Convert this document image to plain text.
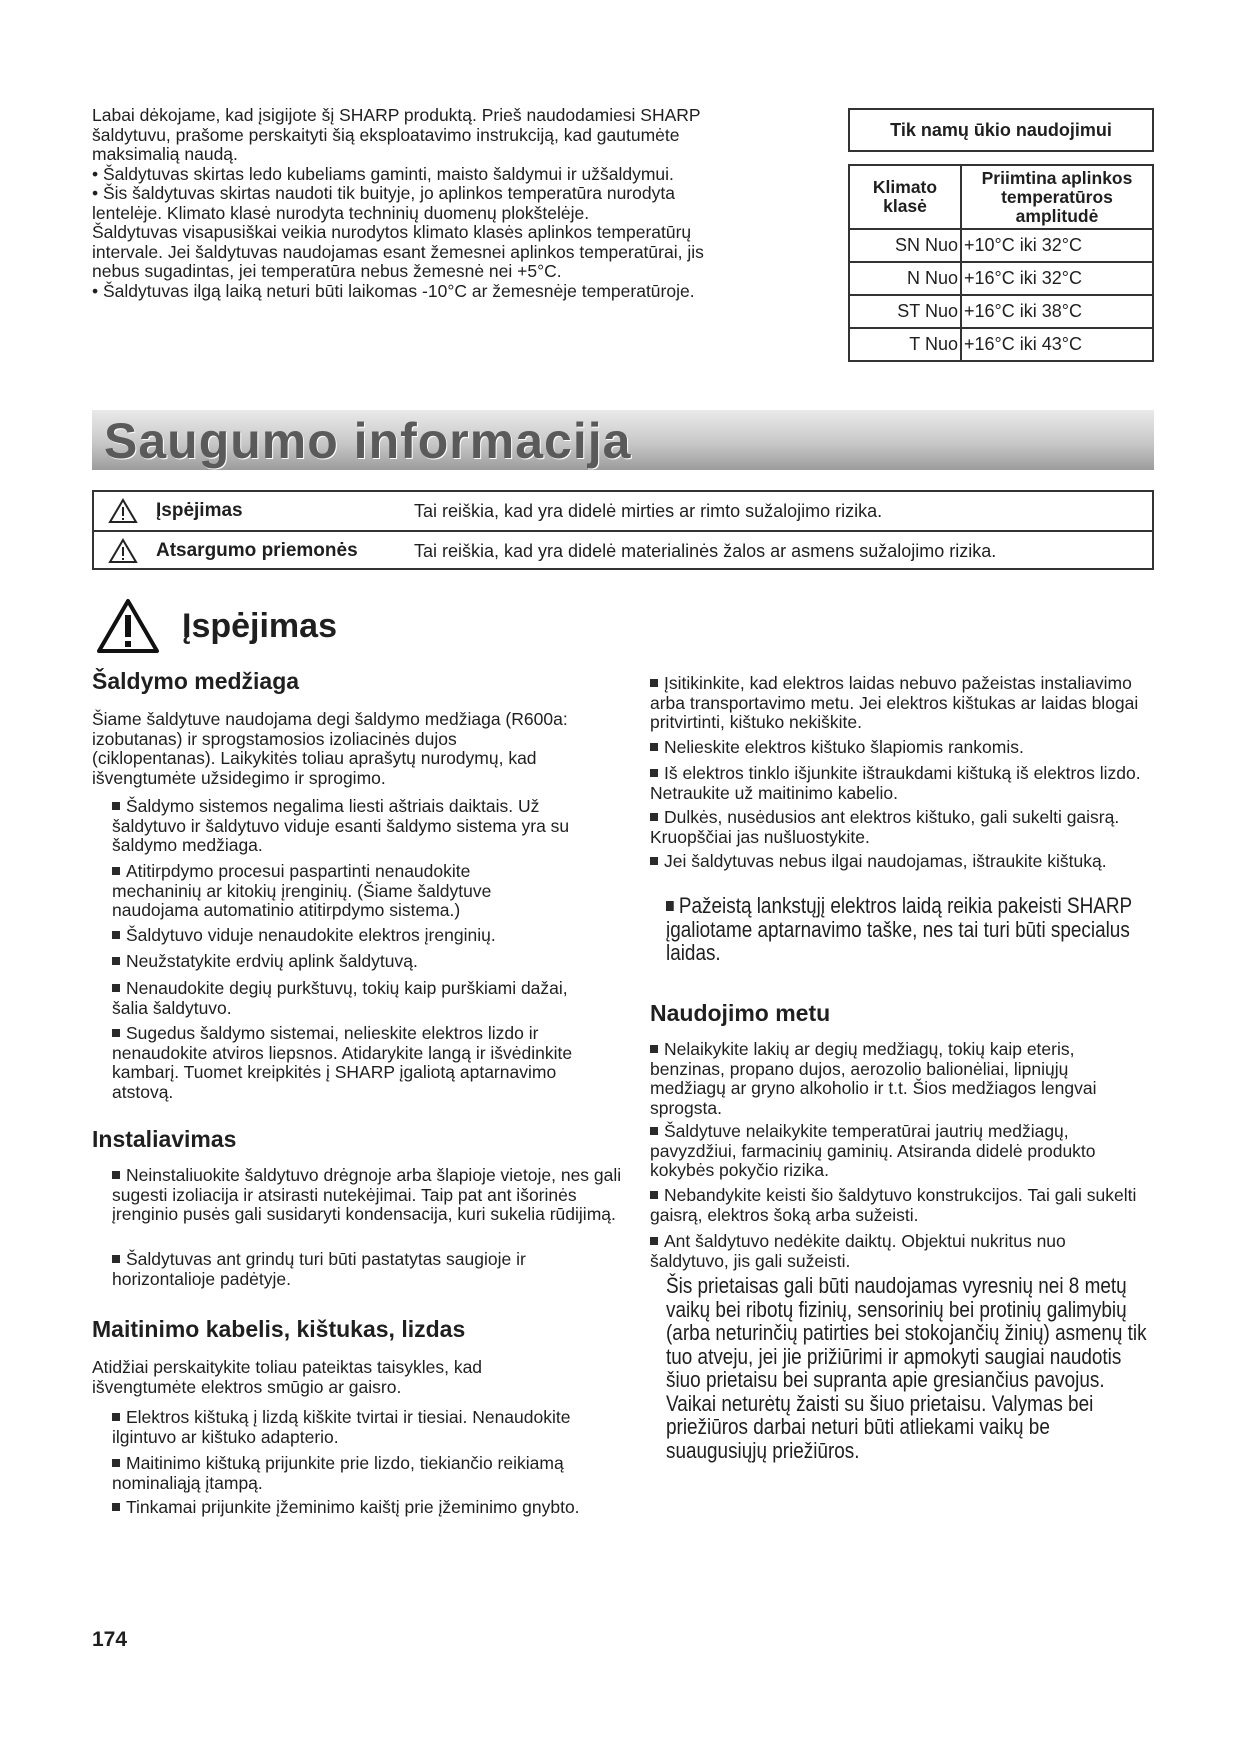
Labai dėkojame, kad įsigijote šį SHARP produktą. Prieš naudodamiesi SHARP
šaldytuvu, prašome perskaityti šią eksploatavimo instrukciją, kad gautumėte
maksimalią naudą.
• Šaldytuvas skirtas ledo kubeliams gaminti, maisto šaldymui ir užšaldymui.
• Šis šaldytuvas skirtas naudoti tik buityje, jo aplinkos temperatūra nurodyta
lentelėje. Klimato klasė nurodyta techninių duomenų plokštelėje.
Šaldytuvas visapusiškai veikia nurodytos klimato klasės aplinkos temperatūrų
intervale. Jei šaldytuvas naudojamas esant žemesnei aplinkos temperatūrai, jis
nebus sugadintas, jei temperatūra nebus žemesnė nei +5°C.
• Šaldytuvas ilgą laiką neturi būti laikomas -10°C ar žemesnėje temperatūroje.
Tik namų ūkio naudojimui
Klimato klasė	Priimtina aplinkos temperatūros amplitudė
SN Nuo	+10°C iki 32°C
N Nuo	+16°C iki 32°C
ST Nuo	+16°C iki 38°C
T Nuo	+16°C iki 43°C
Saugumo informacija
Įspėjimas	Tai reiškia, kad yra didelė mirties ar rimto sužalojimo rizika.
Atsargumo priemonės	Tai reiškia, kad yra didelė materialinės žalos ar asmens sužalojimo rizika.
Įspėjimas
Šaldymo medžiaga

Šiame šaldytuve naudojama degi šaldymo medžiaga (R600a: izobutanas) ir sprogstamosios izoliacinės dujos (ciklopentanas). Laikykitės toliau aprašytų nurodymų, kad išvengtumėte užsidegimo ir sprogimo.

Šaldymo sistemos negalima liesti aštriais daiktais. Už šaldytuvo ir šaldytuvo viduje esanti šaldymo sistema yra su šaldymo medžiaga.
Atitirpdymo procesui paspartinti nenaudokite mechaninių ar kitokių įrenginių. (Šiame šaldytuve naudojama automatinio atitirpdymo sistema.)
Šaldytuvo viduje nenaudokite elektros įrenginių.
Neužstatykite erdvių aplink šaldytuvą.
Nenaudokite degių purkštuvų, tokių kaip purškiami dažai, šalia šaldytuvo.
Sugedus šaldymo sistemai, nelieskite elektros lizdo ir nenaudokite atviros liepsnos. Atidarykite langą ir išvėdinkite kambarį. Tuomet kreipkitės į SHARP įgaliotą aptarnavimo atstovą.
Instaliavimas
Neinstaliuokite šaldytuvo drėgnoje arba šlapioje vietoje, nes gali sugesti izoliacija ir atsirasti nutekėjimai. Taip pat ant išorinės įrenginio pusės gali susidaryti kondensacija, kuri sukelia rūdijimą.
Šaldytuvas ant grindų turi būti pastatytas saugioje ir horizontalioje padėtyje.
Maitinimo kabelis, kištukas, lizdas

Atidžiai perskaitykite toliau pateiktas taisykles, kad išvengtumėte elektros smūgio ar gaisro.

Elektros kištuką į lizdą kiškite tvirtai ir tiesiai. Nenaudokite ilgintuvo ar kištuko adapterio.
Maitinimo kištuką prijunkite prie lizdo, tiekiančio reikiamą nominaliąją įtampą.
Tinkamai prijunkite įžeminimo kaištį prie įžeminimo gnybto.
Įsitikinkite, kad elektros laidas nebuvo pažeistas instaliavimo arba transportavimo metu. Jei elektros kištukas ar laidas blogai pritvirtinti, kištuko nekiškite.
Nelieskite elektros kištuko šlapiomis rankomis.
Iš elektros tinklo išjunkite ištraukdami kištuką iš elektros lizdo. Netraukite už maitinimo kabelio.
Dulkės, nusėdusios ant elektros kištuko, gali sukelti gaisrą. Kruopščiai jas nušluostykite.
Jei šaldytuvas nebus ilgai naudojamas, ištraukite kištuką.
Pažeistą lankstųjį elektros laidą reikia pakeisti SHARP įgaliotame aptarnavimo taške, nes tai turi būti specialus laidas.
Naudojimo metu
Nelaikykite lakių ar degių medžiagų, tokių kaip eteris, benzinas, propano dujos, aerozolio balionėliai, lipniųjų medžiagų ar gryno alkoholio ir t.t. Šios medžiagos lengvai sprogsta.
Šaldytuve nelaikykite temperatūrai jautrių medžiagų, pavyzdžiui, farmacinių gaminių. Atsiranda didelė produkto kokybės pokyčio rizika.
Nebandykite keisti šio šaldytuvo konstrukcijos. Tai gali sukelti gaisrą, elektros šoką arba sužeisti.
Ant šaldytuvo nedėkite daiktų. Objektui nukritus nuo šaldytuvo, jis gali sužeisti.
Šis prietaisas gali būti naudojamas vyresnių nei 8 metų vaikų bei ribotų fizinių, sensorinių bei protinių galimybių (arba neturinčių patirties bei stokojančių žinių) asmenų tik tuo atveju, jei jie prižiūrimi ir apmokyti saugiai naudotis šiuo prietaisu bei supranta apie gresiančius pavojus. Vaikai neturėtų žaisti su šiuo prietaisu. Valymas bei priežiūros darbai neturi būti atliekami vaikų be suaugusiųjų priežiūros.
174
